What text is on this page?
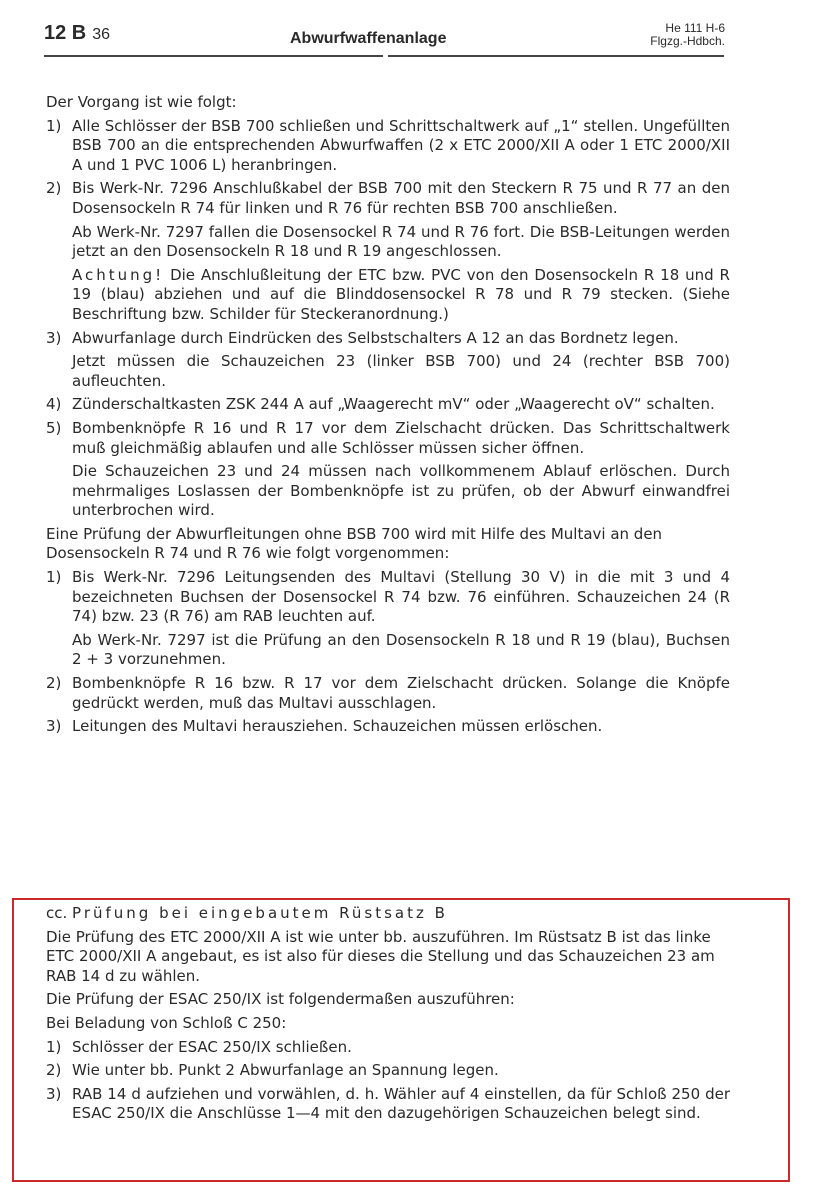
12 B 36	Abwurfwaffenanlage
He 111 H-6
Flgzg.-Hdbch.

Der Vorgang ist wie folgt:

1) Alle Schlösser der BSB 700 schließen und Schrittschaltwerk auf „1“ stellen. Ungefüllten BSB 700 an die entsprechenden Abwurfwaffen (2 x ETC 2000/XII A oder 1 ETC 2000/XII A und 1 PVC 1006 L) heranbringen.

2) Bis Werk-Nr. 7296 Anschlußkabel der BSB 700 mit den Steckern R 75 und R 77 an den Dosensockeln R 74 für linken und R 76 für rechten BSB 700 anschließen.

Ab Werk-Nr. 7297 fallen die Dosensockel R 74 und R 76 fort. Die BSB-Leitungen werden jetzt an den Dosensockeln R 18 und R 19 angeschlossen.

Achtung! Die Anschlußleitung der ETC bzw. PVC von den Dosensockeln R 18 und R 19 (blau) abziehen und auf die Blinddosensockel R 78 und R 79 stecken. (Siehe Beschriftung bzw. Schilder für Steckeranordnung.)

3) Abwurfanlage durch Eindrücken des Selbstschalters A 12 an das Bordnetz legen.

Jetzt müssen die Schauzeichen 23 (linker BSB 700) und 24 (rechter BSB 700) aufleuchten.

4) Zünderschaltkasten ZSK 244 A auf „Waagerecht mV“ oder „Waagerecht oV“ schalten.

5) Bombenknöpfe R 16 und R 17 vor dem Zielschacht drücken. Das Schrittschaltwerk muß gleichmäßig ablaufen und alle Schlösser müssen sicher öffnen.

Die Schauzeichen 23 und 24 müssen nach vollkommenem Ablauf erlöschen. Durch mehrmaliges Loslassen der Bombenknöpfe ist zu prüfen, ob der Abwurf einwandfrei unterbrochen wird.

Eine Prüfung der Abwurfleitungen ohne BSB 700 wird mit Hilfe des Multavi an den Dosensockeln R 74 und R 76 wie folgt vorgenommen:

1) Bis Werk-Nr. 7296 Leitungsenden des Multavi (Stellung 30 V) in die mit 3 und 4 bezeichneten Buchsen der Dosensockel R 74 bzw. 76 einführen. Schauzeichen 24 (R 74) bzw. 23 (R 76) am RAB leuchten auf.

Ab Werk-Nr. 7297 ist die Prüfung an den Dosensockeln R 18 und R 19 (blau), Buchsen 2 + 3 vorzunehmen.

2) Bombenknöpfe R 16 bzw. R 17 vor dem Zielschacht drücken. Solange die Knöpfe gedrückt werden, muß das Multavi ausschlagen.

3) Leitungen des Multavi herausziehen. Schauzeichen müssen erlöschen.

cc. Prüfung bei eingebautem Rüstsatz B

Die Prüfung des ETC 2000/XII A ist wie unter bb. auszuführen. Im Rüstsatz B ist das linke ETC 2000/XII A angebaut, es ist also für dieses die Stellung und das Schauzeichen 23 am RAB 14 d zu wählen.

Die Prüfung der ESAC 250/IX ist folgendermaßen auszuführen:

Bei Beladung von Schloß C 250:

1) Schlösser der ESAC 250/IX schließen.

2) Wie unter bb. Punkt 2 Abwurfanlage an Spannung legen.

3) RAB 14 d aufziehen und vorwählen, d. h. Wähler auf 4 einstellen, da für Schloß 250 der ESAC 250/IX die Anschlüsse 1—4 mit den dazugehörigen Schauzeichen belegt sind.
